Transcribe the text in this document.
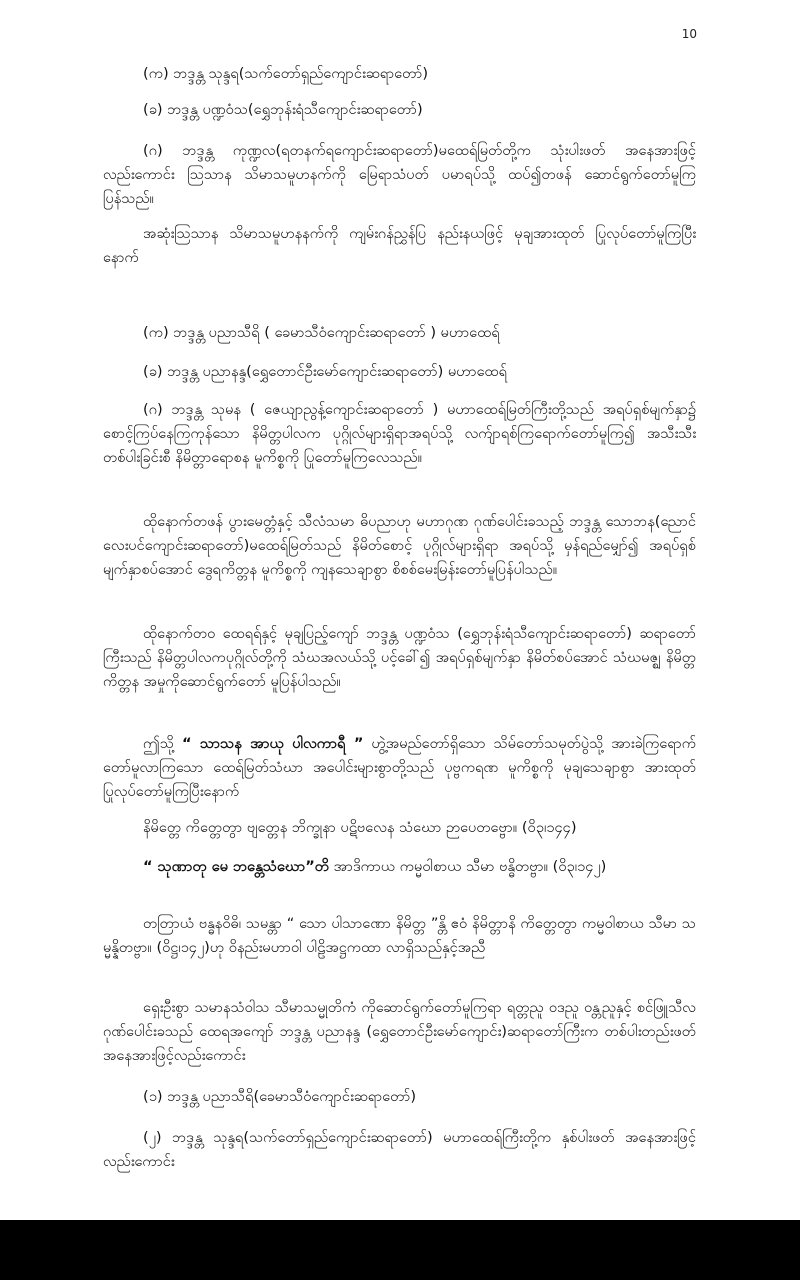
10
(က) ဘဒ္ဒန္တ သုန္ဒရ(သက်တော်ရှည်ကျောင်းဆရာတော်)
(ခ) ဘဒ္ဒန္တ ပဏ္ဍဝံသ(ရွှေဘုန်းရံသီကျောင်းဆရာတော်)
(ဂ) ဘဒ္ဒန္တ ကုဏ္ဍလ(ရတနက်ရကျောင်းဆရာတော်)မထေရ်မြတ်တို့က သုံးပါးဖတ် အနေအားဖြင့်လည်းကောင်း ဩသာန သိမာသမူဟနက်ကို မြေရာသံပတ် ပမာရပ်သို့ ထပ်၍တဖန် ဆောင်ရွက်တော်မူကြပြန်သည်။
အဆုံးဩသာန သိမာသမူဟနနက်ကို ကျမ်းဂန်ညွှန်ပြ နည်းနယဖြင့် မုချအားထုတ် ပြုလုပ်တော်မူကြပြီးနောက်
(က) ဘဒ္ဒန္တ ပညာသီရိ ( ခေမာသီဝံကျောင်းဆရာတော် ) မဟာထေရ်
(ခ) ဘဒ္ဒန္တ ပညာနန္ဒ(ရွှေတောင်ဦးမော်ကျောင်းဆရာတော်) မဟာထေရ်
(ဂ) ဘဒ္ဒန္တ သုမန ( ဇေယျာညွန့်ကျောင်းဆရာတော် ) မဟာထေရ်မြတ်ကြီးတို့သည် အရပ်ရှစ်မျက်နှာ၌ စောင့်ကြပ်နေကြကုန်သော နိမိတ္တပါလက ပုဂ္ဂိုလ်များရှိရာအရပ်သို့ လက်ျာရစ်ကြရောက်တော်မူကြ၍ အသီးသီးတစ်ပါးခြင်းစီ နိမိတ္တာရောစန မူကိစ္စကို ပြုတော်မူကြလေသည်။
ထိုနောက်တဖန် ပွားမေတ္တံနှင့် သီလံသမာ ဓိပညာဟု မဟာဂုဏ ဂုဏ်ပေါင်းခသည့် ဘဒ္ဒန္တ သောဘန(ညောင်လေးပင်ကျောင်းဆရာတော်)မထေရ်မြတ်သည် နိမိတ်စောင့် ပုဂ္ဂိုလ်များရှိရာ အရပ်သို့ မှန်ရည်မျှော်၍ အရပ်ရှစ်မျက်နှာစပ်အောင် ဒွေရကိတ္တန မူကိစ္စကို ကျနသေချာစွာ စိစစ်မေးမြန်းတော်မူပြန်ပါသည်။
ထိုနောက်တဝ ထေရရ်နှင့် မုချပြည့်ကျော် ဘဒ္ဒန္တ ပဏ္ဍဝံသ (ရွှေဘုန်းရံသီကျောင်းဆရာတော်) ဆရာတော်ကြီးသည် နိမိတ္တပါလကပုဂ္ဂိုလ်တို့ကို သံဃအလယ်သို့ ပင့်ခေါ်၍ အရပ်ရှစ်မျက်နှာ နိမိတ်စပ်အောင် သံဃမဇ္ဈ နိမိတ္တကိတ္တန အမှုကိုဆောင်ရွက်တော် မူပြန်ပါသည်။
ဤသို့ “ သာသန အာယု ပါလကာရီ ” ဟွဲ့အမည်တော်ရှိသော သိမ်တော်သမုတ်ပွဲသို့ အားခဲကြရောက်တော်မူလာကြသော ထေရ်မြတ်သံဃာ အပေါင်းများစွာတို့သည် ပုဗ္ဗကရဏ မူကိစ္စကို မုချသေချာစွာ အားထုတ်ပြုလုပ်တော်မူကြပြီးနောက်
နိမိတ္တေ ကိတ္တေတွာ ဗျတ္တေန ဘိက္ခုနာ ပဋိဗလေန သံဃော ဉာပေတဗ္ဗော။ (ဝိ၃၊၁၄၄)
“ သုဏာတု မေ ဘန္တေသံဃော”တိ အာဒိကာယ ကမ္မဝါစာယ သီမာ ဗန္ဓိတဗ္ဗာ။ (ဝိ၃၊၁၄၂)
တတြာယံ ဗန္ဓနဝိဓိ၊ သမန္တာ “ သော ပါသာဏော နိမိတ္တ ”န္တိ ဧဝံ နိမိတ္တာနိ ကိတ္တေတွာ ကမ္မဝါစာယ သီမာ သမ္မန္နိတဗ္ဗာ။ (ဝိဋ္ဌ၊၁၄၂)ဟု ဝိနည်းမဟာဝါ ပါဠိအဋ္ဌကထာ လာရှိသည်နှင့်အညီ
ရှေးဦးစွာ သမာနသံဝါသ သီမာသမ္မုတိကံ ကိုဆောင်ရွက်တော်မူကြရာ ရတ္တညူ ဝဒညူ ဝန္တညူနှင့် စင်ဖြူသီလ ဂုဏ်ပေါင်းခသည် ထေရအကျော် ဘဒ္ဒန္တ ပညာနန္ဒ (ရွှေတောင်ဦးမော်ကျောင်း)ဆရာတော်ကြီးက တစ်ပါးတည်းဖတ်အနေအားဖြင့်လည်းကောင်း
(၁) ဘဒ္ဒန္တ ပညာသီရိ(ခေမာသီဝံကျောင်းဆရာတော်)
(၂) ဘဒ္ဒန္တ သုန္ဒရ(သက်တော်ရှည်ကျောင်းဆရာတော်) မဟာထေရ်ကြီးတို့က နှစ်ပါးဖတ် အနေအားဖြင့်လည်းကောင်း
